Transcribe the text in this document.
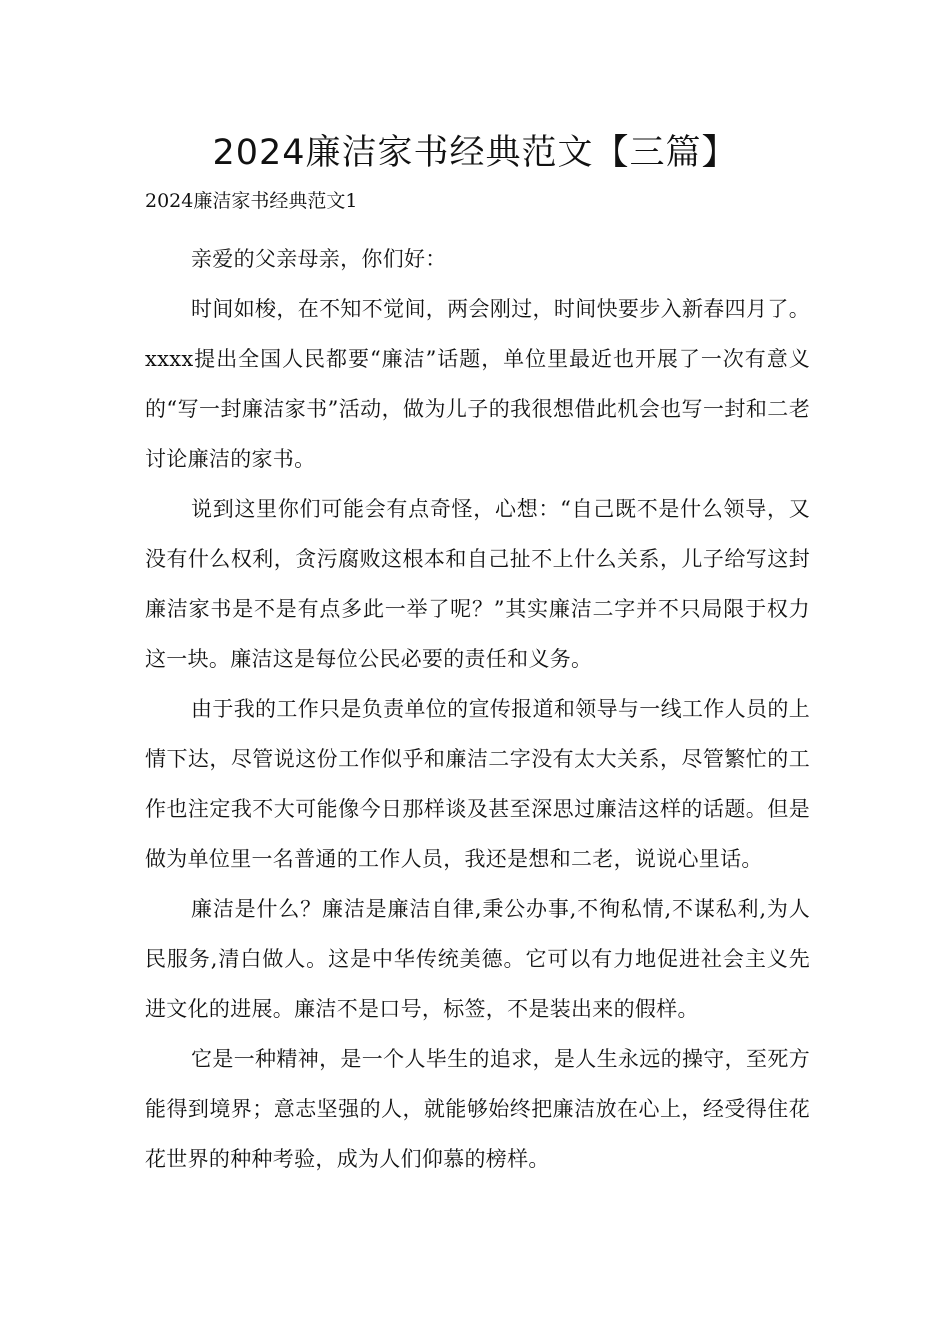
2024廉洁家书经典范文【三篇】

2024廉洁家书经典范文1

亲爱的父亲母亲，你们好：

时间如梭，在不知不觉间，两会刚过，时间快要步入新春四月了。xxxx提出全国人民都要“廉洁”话题，单位里最近也开展了一次有意义的“写一封廉洁家书”活动，做为儿子的我很想借此机会也写一封和二老讨论廉洁的家书。

说到这里你们可能会有点奇怪，心想：“自己既不是什么领导，又没有什么权利，贪污腐败这根本和自己扯不上什么关系，儿子给写这封廉洁家书是不是有点多此一举了呢？”其实廉洁二字并不只局限于权力这一块。廉洁这是每位公民必要的责任和义务。

由于我的工作只是负责单位的宣传报道和领导与一线工作人员的上情下达，尽管说这份工作似乎和廉洁二字没有太大关系，尽管繁忙的工作也注定我不大可能像今日那样谈及甚至深思过廉洁这样的话题。但是做为单位里一名普通的工作人员，我还是想和二老，说说心里话。

廉洁是什么？廉洁是廉洁自律,秉公办事,不徇私情,不谋私利,为人民服务,清白做人。这是中华传统美德。它可以有力地促进社会主义先进文化的进展。廉洁不是口号，标签，不是装出来的假样。

它是一种精神，是一个人毕生的追求，是人生永远的操守，至死方能得到境界；意志坚强的人，就能够始终把廉洁放在心上，经受得住花花世界的种种考验，成为人们仰慕的榜样。
